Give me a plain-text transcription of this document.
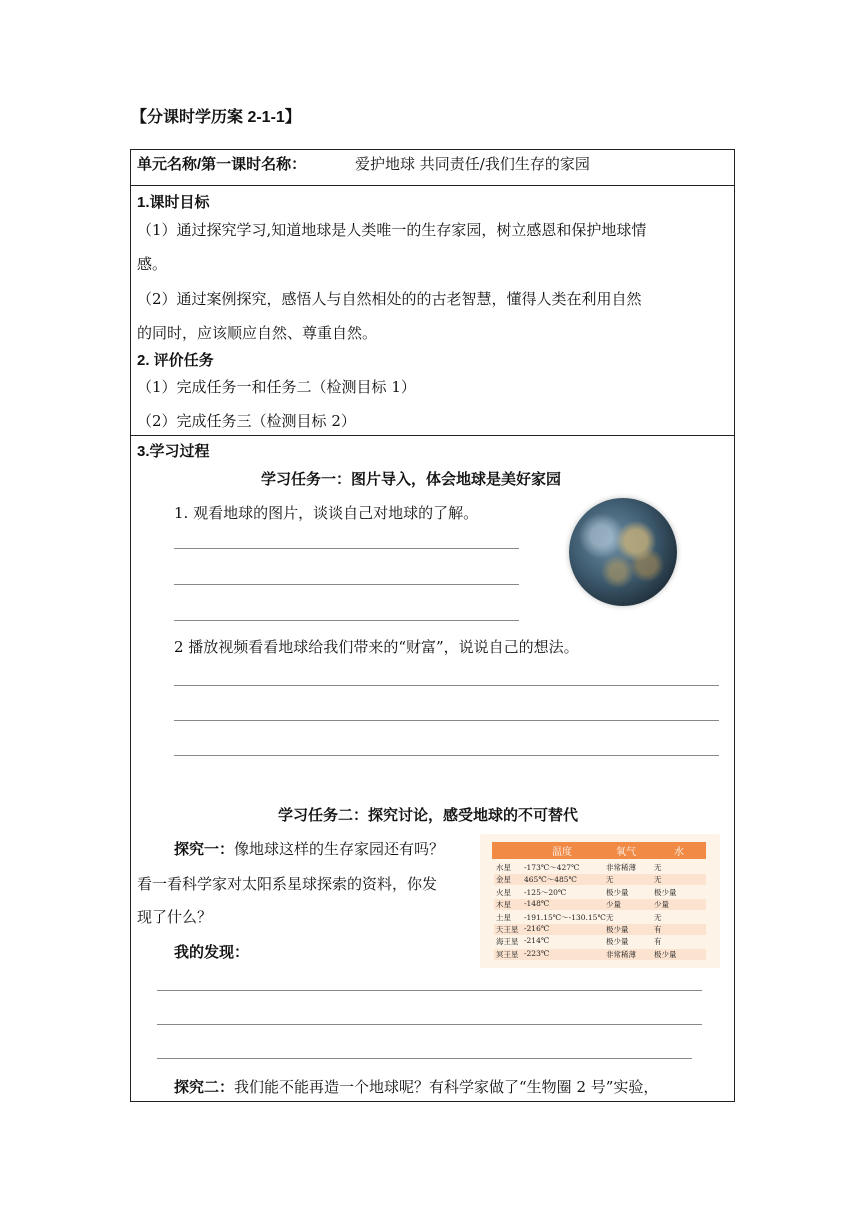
【分课时学历案 2-1-1】
单元名称/第一课时名称：	爱护地球 共同责任/我们生存的家园
1.课时目标
（1）通过探究学习,知道地球是人类唯一的生存家园，树立感恩和保护地球情
感。
（2）通过案例探究，感悟人与自然相处的的古老智慧，懂得人类在利用自然
的同时，应该顺应自然、尊重自然。
2. 评价任务
（1）完成任务一和任务二（检测目标 1）
（2）完成任务三（检测目标 2）
3.学习过程
学习任务一：图片导入，体会地球是美好家园
1. 观看地球的图片，谈谈自己对地球的了解。
2 播放视频看看地球给我们带来的“财富”，说说自己的想法。
学习任务二：探究讨论，感受地球的不可替代
探究一：像地球这样的生存家园还有吗？
看一看科学家对太阳系星球探索的资料，你发
现了什么？
我的发现：
温度	氧气	水
水星 -173℃～427℃	非常稀薄 无
金星 465℃～485℃	无	无
火星 -125～20℃	极少量	极少量
木星 -148℃	少量	少量
土星 -191.15℃～-130.15℃ 无	无
天王星 -216℃	极少量	有
海王星 -214℃	极少量	有
冥王星 -223℃	非常稀薄 极少量
探究二：我们能不能再造一个地球呢？有科学家做了“生物圈 2 号”实验，
